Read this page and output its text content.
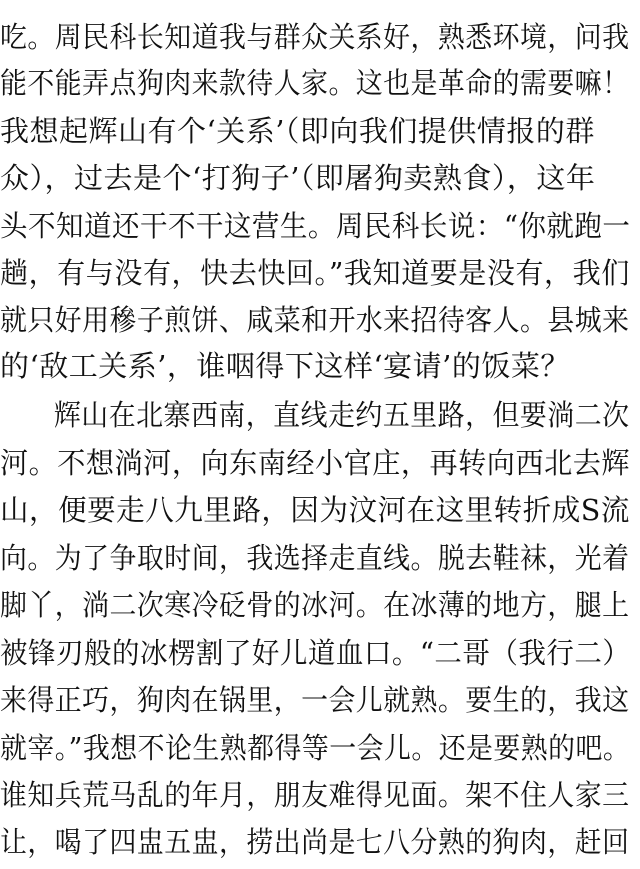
吃。周民科长知道我与群众关系好，熟悉环境，问我
能不能弄点狗肉来款待人家。这也是革命的需要嘛！
我想起辉山有个‘关系’（即向我们提供情报的群
众），过去是个‘打狗子’（即屠狗卖熟食），这年
头不知道还干不干这营生。周民科长说：“你就跑一
趟，有与没有，快去快回。”我知道要是没有，我们
就只好用穇子煎饼、咸菜和开水来招待客人。县城来
的‘敌工关系’，谁咽得下这样‘宴请’的饭菜？
辉山在北寨西南，直线走约五里路，但要淌二次
河。不想淌河，向东南经小官庄，再转向西北去辉
山，便要走八九里路，因为汶河在这里转折成S流
向。为了争取时间，我选择走直线。脱去鞋袜，光着
脚丫，淌二次寒冷砭骨的冰河。在冰薄的地方，腿上
被锋刃般的冰楞割了好儿道血口。“二哥（我行二）
来得正巧，狗肉在锅里，一会儿就熟。要生的，我这
就宰。”我想不论生熟都得等一会儿。还是要熟的吧。
谁知兵荒马乱的年月，朋友难得见面。架不住人家三
让，喝了四盅五盅，捞出尚是七八分熟的狗肉，赶回
